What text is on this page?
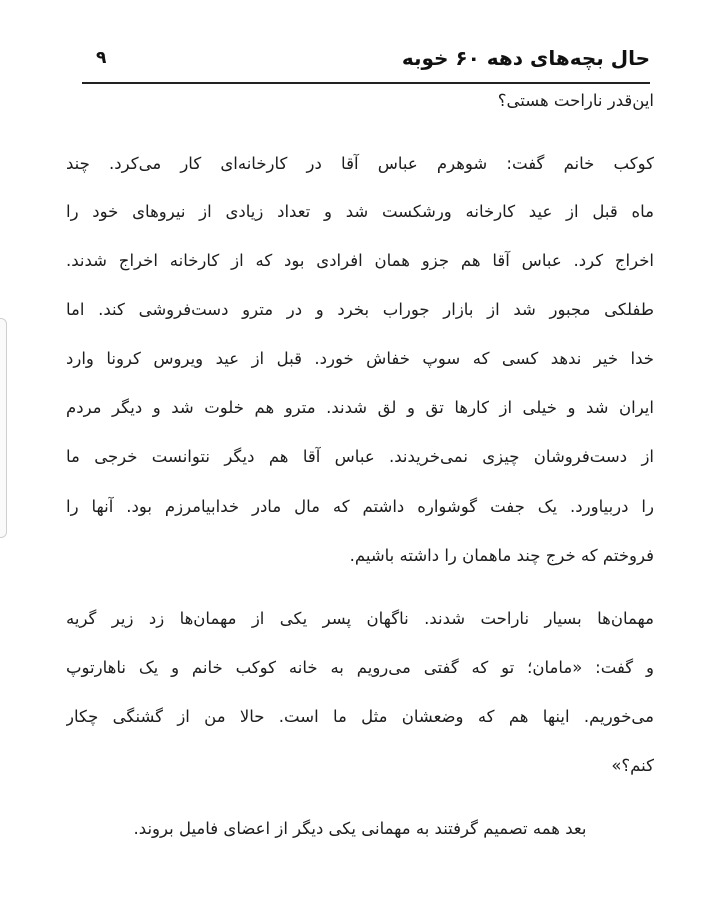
حال بچه‌های دهه ۶۰ خوبه
۹
این‌قدر ناراحت هستی؟
کوکب خانم گفت: شوهرم عباس آقا در کارخانه‌ای کار می‌کرد. چند
ماه قبل از عید کارخانه ورشکست شد و تعداد زیادی از نیروهای خود را
اخراج کرد. عباس آقا هم جزو همان افرادی بود که از کارخانه اخراج شدند.
طفلکی مجبور شد از بازار جوراب بخرد و در مترو دست‌فروشی کند. اما
خدا خیر ندهد کسی که سوپ خفاش خورد. قبل از عید ویروس کرونا وارد
ایران شد و خیلی از کارها تق و لق شدند. مترو هم خلوت شد و دیگر مردم
از دست‌فروشان چیزی نمی‌خریدند. عباس آقا هم دیگر نتوانست خرجی ما
را دربیاورد. یک جفت گوشواره داشتم که مال مادر خدابیامرزم بود. آنها را
فروختم که خرج چند ماهمان را داشته باشیم.
مهمان‌ها بسیار ناراحت شدند. ناگهان پسر یکی از مهمان‌ها زد زیر گریه
و گفت: «مامان؛ تو که گفتی می‌رویم به خانه کوکب خانم و یک ناهارتوپ
می‌خوریم. اینها هم که وضعشان مثل ما است. حالا من از گشنگی چکار
کنم؟»
بعد همه تصمیم گرفتند به مهمانی یکی دیگر از اعضای فامیل بروند.
